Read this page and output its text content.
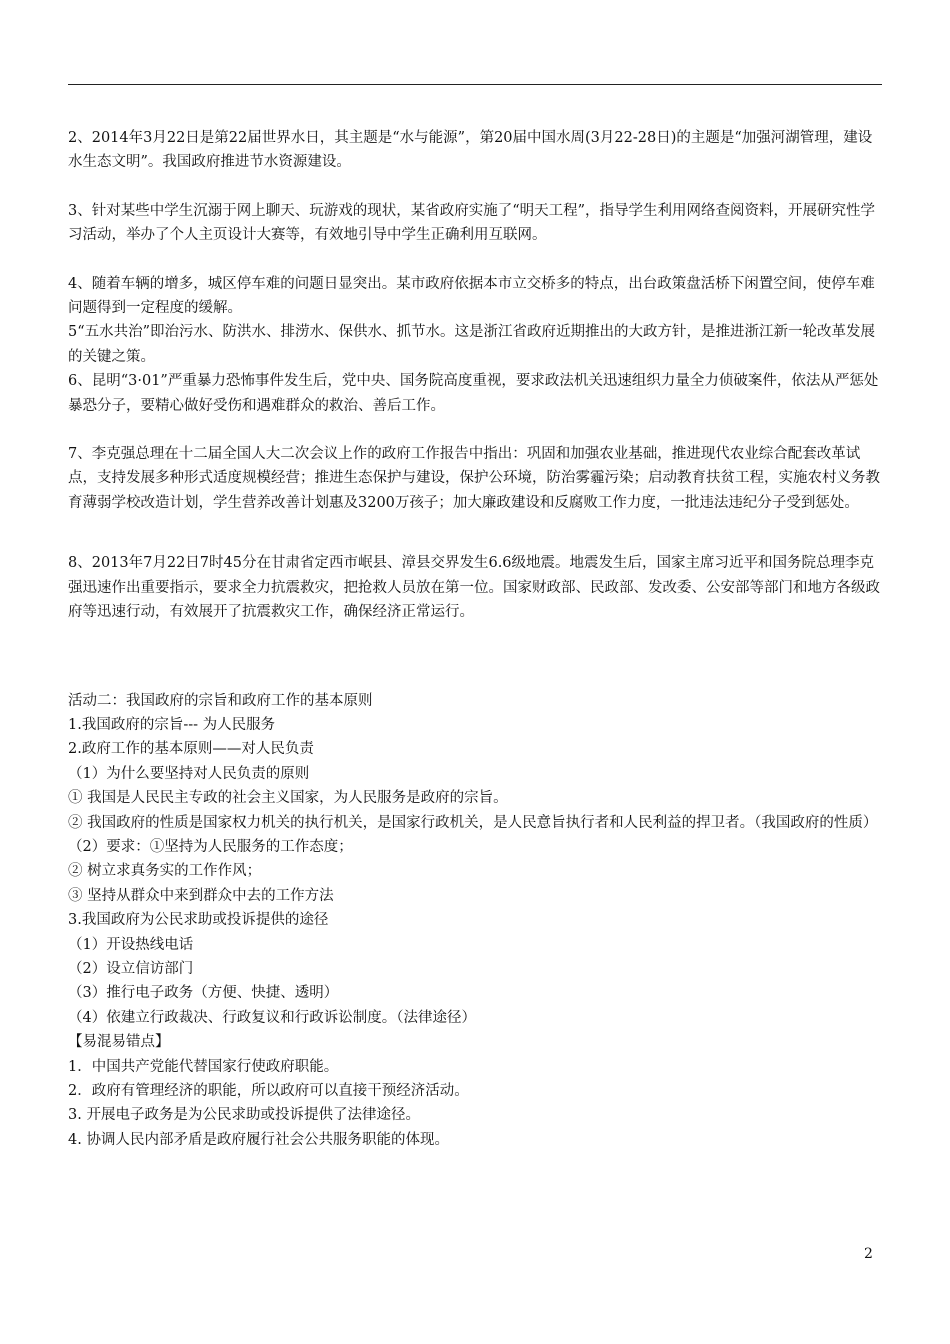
2、2014年3月22日是第22届世界水日，其主题是“水与能源”，第20届中国水周(3月22-28日)的主题是“加强河湖管理，建设水生态文明”。我国政府推进节水资源建设。

3、针对某些中学生沉溺于网上聊天、玩游戏的现状，某省政府实施了“明天工程”，指导学生利用网络查阅资料，开展研究性学习活动，举办了个人主页设计大赛等，有效地引导中学生正确利用互联网。

4、随着车辆的增多，城区停车难的问题日显突出。某市政府依据本市立交桥多的特点，出台政策盘活桥下闲置空间，使停车难问题得到一定程度的缓解。

5“五水共治”即治污水、防洪水、排涝水、保供水、抓节水。这是浙江省政府近期推出的大政方针，是推进浙江新一轮改革发展的关键之策。

6、昆明“3·01”严重暴力恐怖事件发生后，党中央、国务院高度重视，要求政法机关迅速组织力量全力侦破案件，依法从严惩处暴恐分子，要精心做好受伤和遇难群众的救治、善后工作。

7、李克强总理在十二届全国人大二次会议上作的政府工作报告中指出：巩固和加强农业基础，推进现代农业综合配套改革试点，支持发展多种形式适度规模经营；推进生态保护与建设，保护公环境，防治雾霾污染；启动教育扶贫工程，实施农村义务教育薄弱学校改造计划，学生营养改善计划惠及3200万孩子；加大廉政建设和反腐败工作力度，一批违法违纪分子受到惩处。

8、2013年7月22日7时45分在甘肃省定西市岷县、漳县交界发生6.6级地震。地震发生后，国家主席习近平和国务院总理李克强迅速作出重要指示，要求全力抗震救灾，把抢救人员放在第一位。国家财政部、民政部、发改委、公安部等部门和地方各级政府等迅速行动，有效展开了抗震救灾工作，确保经济正常运行。

活动二：我国政府的宗旨和政府工作的基本原则

1.我国政府的宗旨--- 为人民服务

2.政府工作的基本原则——对人民负责

（1）为什么要坚持对人民负责的原则

① 我国是人民民主专政的社会主义国家，为人民服务是政府的宗旨。

② 我国政府的性质是国家权力机关的执行机关，是国家行政机关，是人民意旨执行者和人民利益的捍卫者。（我国政府的性质）

（2）要求：①坚持为人民服务的工作态度；

② 树立求真务实的工作作风；

③ 坚持从群众中来到群众中去的工作方法

3.我国政府为公民求助或投诉提供的途径

（1）开设热线电话

（2）设立信访部门

（3）推行电子政务（方便、快捷、透明）

（4）依建立行政裁决、行政复议和行政诉讼制度。（法律途径）

【易混易错点】

1．中国共产党能代替国家行使政府职能。

2．政府有管理经济的职能，所以政府可以直接干预经济活动。

3. 开展电子政务是为公民求助或投诉提供了法律途径。

4. 协调人民内部矛盾是政府履行社会公共服务职能的体现。

2
